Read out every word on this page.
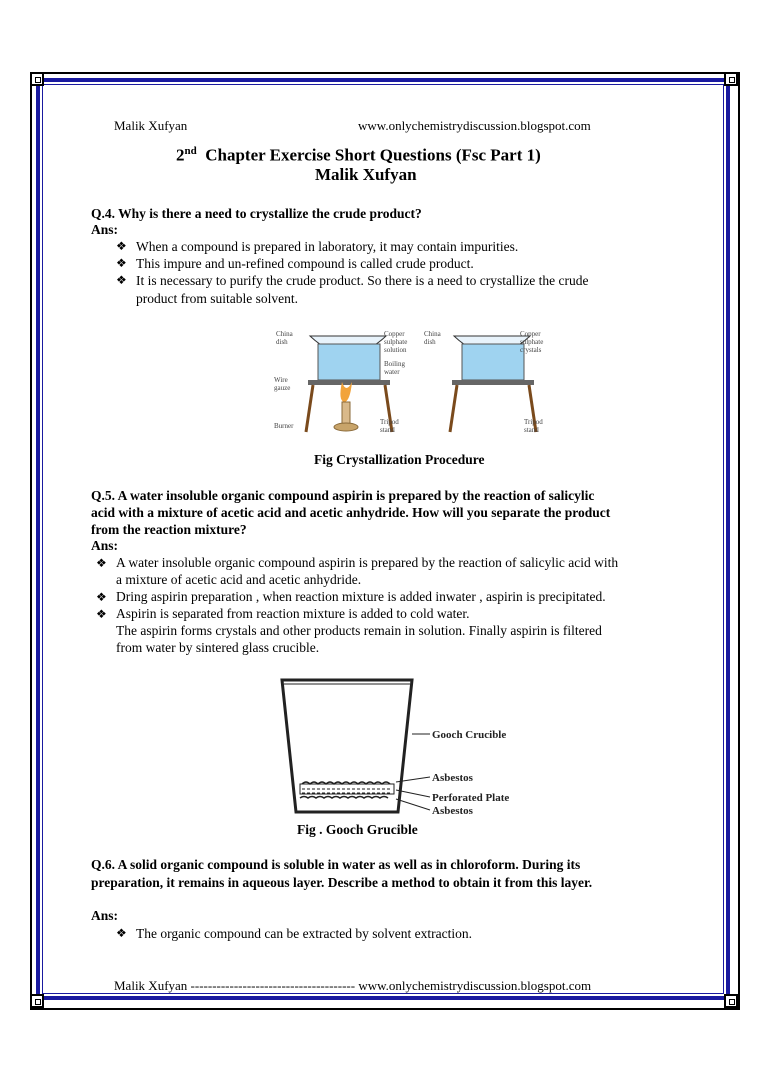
Malik Xufyan	www.onlychemistrydiscussion.blogspot.com
2nd Chapter Exercise Short Questions (Fsc Part 1)
Malik Xufyan
Q.4. Why is there a need to crystallize the crude product?
Ans:
❖ When a compound is prepared in laboratory, it may contain impurities.
❖ This impure and un-refined compound is called crude product.
❖ It is necessary to purify the crude product. So there is a need to crystallize the crude
product from suitable solvent.
China
dish
Copper
sulphate
solution
Boiling
water
Wire
gauze
Burner	Tripod
stand
China
dish
Copper
sulphate
crystals
Tripod
stand
Fig Crystallization Procedure
Q.5. A water insoluble organic compound aspirin is prepared by the reaction of salicylic
acid with a mixture of acetic acid and acetic anhydride. How will you separate the product
from the reaction mixture?
Ans:
❖ A water insoluble organic compound aspirin is prepared by the reaction of salicylic acid with
a mixture of acetic acid and acetic anhydride.
❖ Dring aspirin preparation , when reaction mixture is added inwater , aspirin is precipitated.
❖ Aspirin is separated from reaction mixture is added to cold water.
The aspirin forms crystals and other products remain in solution. Finally aspirin is filtered
from water by sintered glass crucible.
Gooch Crucible
Asbestos
Perforated Plate
Asbestos
Fig . Gooch Grucible
Q.6. A solid organic compound is soluble in water as well as in chloroform. During its
preparation, it remains in aqueous layer. Describe a method to obtain it from this layer.
Ans:
❖ The organic compound can be extracted by solvent extraction.
Malik Xufyan -------------------------------------- www.onlychemistrydiscussion.blogspot.com
